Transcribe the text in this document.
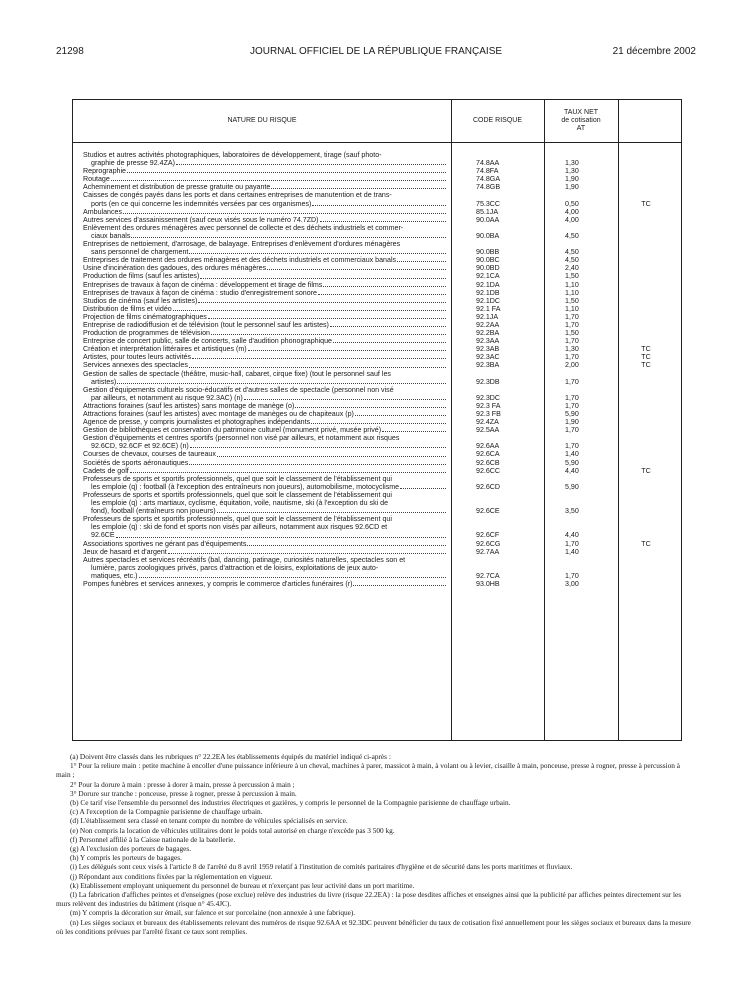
21298	JOURNAL OFFICIEL DE LA RÉPUBLIQUE FRANÇAISE	21 décembre 2002
NATURE DU RISQUE	CODE RISQUE
TAUX NET
de cotisation
AT
Studios et autres activités photographiques, laboratoires de développement, tirage (sauf photo-
graphie de presse 92.4ZA)	74.8AA	1,30
Reprographie	74.8FA	1,30
Routage	74.8GA	1,90
Acheminement et distribution de presse gratuite ou payante	74.8GB	1,90
Caisses de congés payés dans les ports et dans certaines entreprises de manutention et de trans-
ports (en ce qui concerne les indemnités versées par ces organismes)	75.3CC	0,50	TC
Ambulances	85.1JA	4,00
Autres services d'assainissement (sauf ceux visés sous le numéro 74.7ZD)	90.0AA	4,00
Enlèvement des ordures ménagères avec personnel de collecte et des déchets industriels et commer-
ciaux banals	90.0BA	4,50
Entreprises de nettoiement, d'arrosage, de balayage. Entreprises d'enlèvement d'ordures ménagères
sans personnel de chargement	90.0BB	4,50
Entreprises de traitement des ordures ménagères et des déchets industriels et commerciaux banals	90.0BC	4,50
Usine d'incinération des gadoues, des ordures ménagères	90.0BD	2,40
Production de films (sauf les artistes)	92.1CA	1,50
Entreprises de travaux à façon de cinéma : développement et tirage de films	92.1DA	1,10
Entreprises de travaux à façon de cinéma : studio d'enregistrement sonore	92.1DB	1,10
Studios de cinéma (sauf les artistes)	92.1DC	1,50
Distribution de films et vidéo	92.1 FA	1,10
Projection de films cinématographiques	92.1JA	1,70
Entreprise de radiodiffusion et de télévision (tout le personnel sauf les artistes)	92.2AA	1,70
Production de programmes de télévision	92.2BA	1,50
Entreprise de concert public, salle de concerts, salle d'audition phonographique	92.3AA	1,70
Création et interprétation littéraires et artistiques (m)	92.3AB	1,30	TC
Artistes, pour toutes leurs activités	92.3AC	1,70	TC
Services annexes des spectacles	92.3BA	2,00	TC
Gestion de salles de spectacle (théâtre, music-hall, cabaret, cirque fixe) (tout le personnel sauf les
artistes)	92.3DB	1,70
Gestion d'équipements culturels socio-éducatifs et d'autres salles de spectacle (personnel non visé
par ailleurs, et notamment au risque 92.3AC) (n)	92.3DC	1,70
Attractions foraines (sauf les artistes) sans montage de manège (o)	92.3 FA	1,70
Attractions foraines (sauf les artistes) avec montage de manèges ou de chapiteaux (p)	92.3 FB	5,90
Agence de presse, y compris journalistes et photographes indépendants	92.4ZA	1,90
Gestion de bibliothèques et conservation du patrimoine culturel (monument privé, musée privé)	92.5AA	1,70
Gestion d'équipements et centres sportifs (personnel non visé par ailleurs, et notamment aux risques
92.6CD, 92.6CF et 92.6CE) (n)	92.6AA	1,70
Courses de chevaux, courses de taureaux	92.6CA	1,40
Sociétés de sports aéronautiques	92.6CB	5,90
Cadets de golf	92.6CC	4,40	TC
Professeurs de sports et sportifs professionnels, quel que soit le classement de l'établissement qui
les emploie (q) : football (à l'exception des entraîneurs non joueurs), automobilisme, motocyclisme	92.6CD	5,90
Professeurs de sports et sportifs professionnels, quel que soit le classement de l'établissement qui
les emploie (q) : arts martiaux, cyclisme, équitation, voile, nautisme, ski (à l'exception du ski de
fond), football (entraîneurs non joueurs)	92.6CE	3,50
Professeurs de sports et sportifs professionnels, quel que soit le classement de l'établissement qui
les emploie (q) : ski de fond et sports non visés par ailleurs, notamment aux risques 92.6CD et
92.6CE	92.6CF	4,40
Associations sportives ne gérant pas d'équipements	92.6CG	1,70	TC
Jeux de hasard et d'argent	92.7AA	1,40
Autres spectacles et services récréatifs (bal, dancing, patinage, curiosités naturelles, spectacles son et
lumière, parcs zoologiques privés, parcs d'attraction et de loisirs, exploitations de jeux auto-
matiques, etc.)	92.7CA	1,70
Pompes funèbres et services annexes, y compris le commerce d'articles funéraires (r)	93.0HB	3,00
(a) Doivent être classés dans les rubriques n° 22.2EA les établissements équipés du matériel indiqué ci-après :
1° Pour la reliure main : petite machine à encoller d'une puissance inférieure à un cheval, machines à parer, massicot à main, à volant ou à levier, cisaille à main, ponceuse, presse à rogner, presse à percussion à main ;
2° Pour la dorure à main : presse à dorer à main, presse à percussion à main ;
3° Dorure sur tranche : ponceuse, presse à rogner, presse à percussion à main.
(b) Ce tarif vise l'ensemble du personnel des industries électriques et gazières, y compris le personnel de la Compagnie parisienne de chauffage urbain.
(c) A l'exception de la Compagnie parisienne de chauffage urbain.
(d) L'établissement sera classé en tenant compte du nombre de véhicules spécialisés en service.
(e) Non compris la location de véhicules utilitaires dont le poids total autorisé en charge n'excède pas 3 500 kg.
(f) Personnel affilié à la Caisse nationale de la batellerie.
(g) A l'exclusion des porteurs de bagages.
(h) Y compris les porteurs de bagages.
(i) Les délégués sont ceux visés à l'article 8 de l'arrêté du 8 avril 1959 relatif à l'institution de comités paritaires d'hygiène et de sécurité dans les ports maritimes et fluviaux.
(j) Répondant aux conditions fixées par la réglementation en vigueur.
(k) Etablissement employant uniquement du personnel de bureau et n'exerçant pas leur activité dans un port maritime.
(l) La fabrication d'affiches peintes et d'enseignes (pose exclue) relève des industries du livre (risque 22.2EA) : la pose desdites affiches et enseignes ainsi que la publicité par affiches peintes directement sur les murs relèvent des industries du bâtiment (risque n° 45.4JC).
(m) Y compris la décoration sur émail, sur faïence et sur porcelaine (non annexée à une fabrique).
(n) Les sièges sociaux et bureaux des établissements relevant des numéros de risque 92.6AA et 92.3DC peuvent bénéficier du taux de cotisation fixé annuellement pour les sièges sociaux et bureaux dans la mesure où les conditions prévues par l'arrêté fixant ce taux sont remplies.
